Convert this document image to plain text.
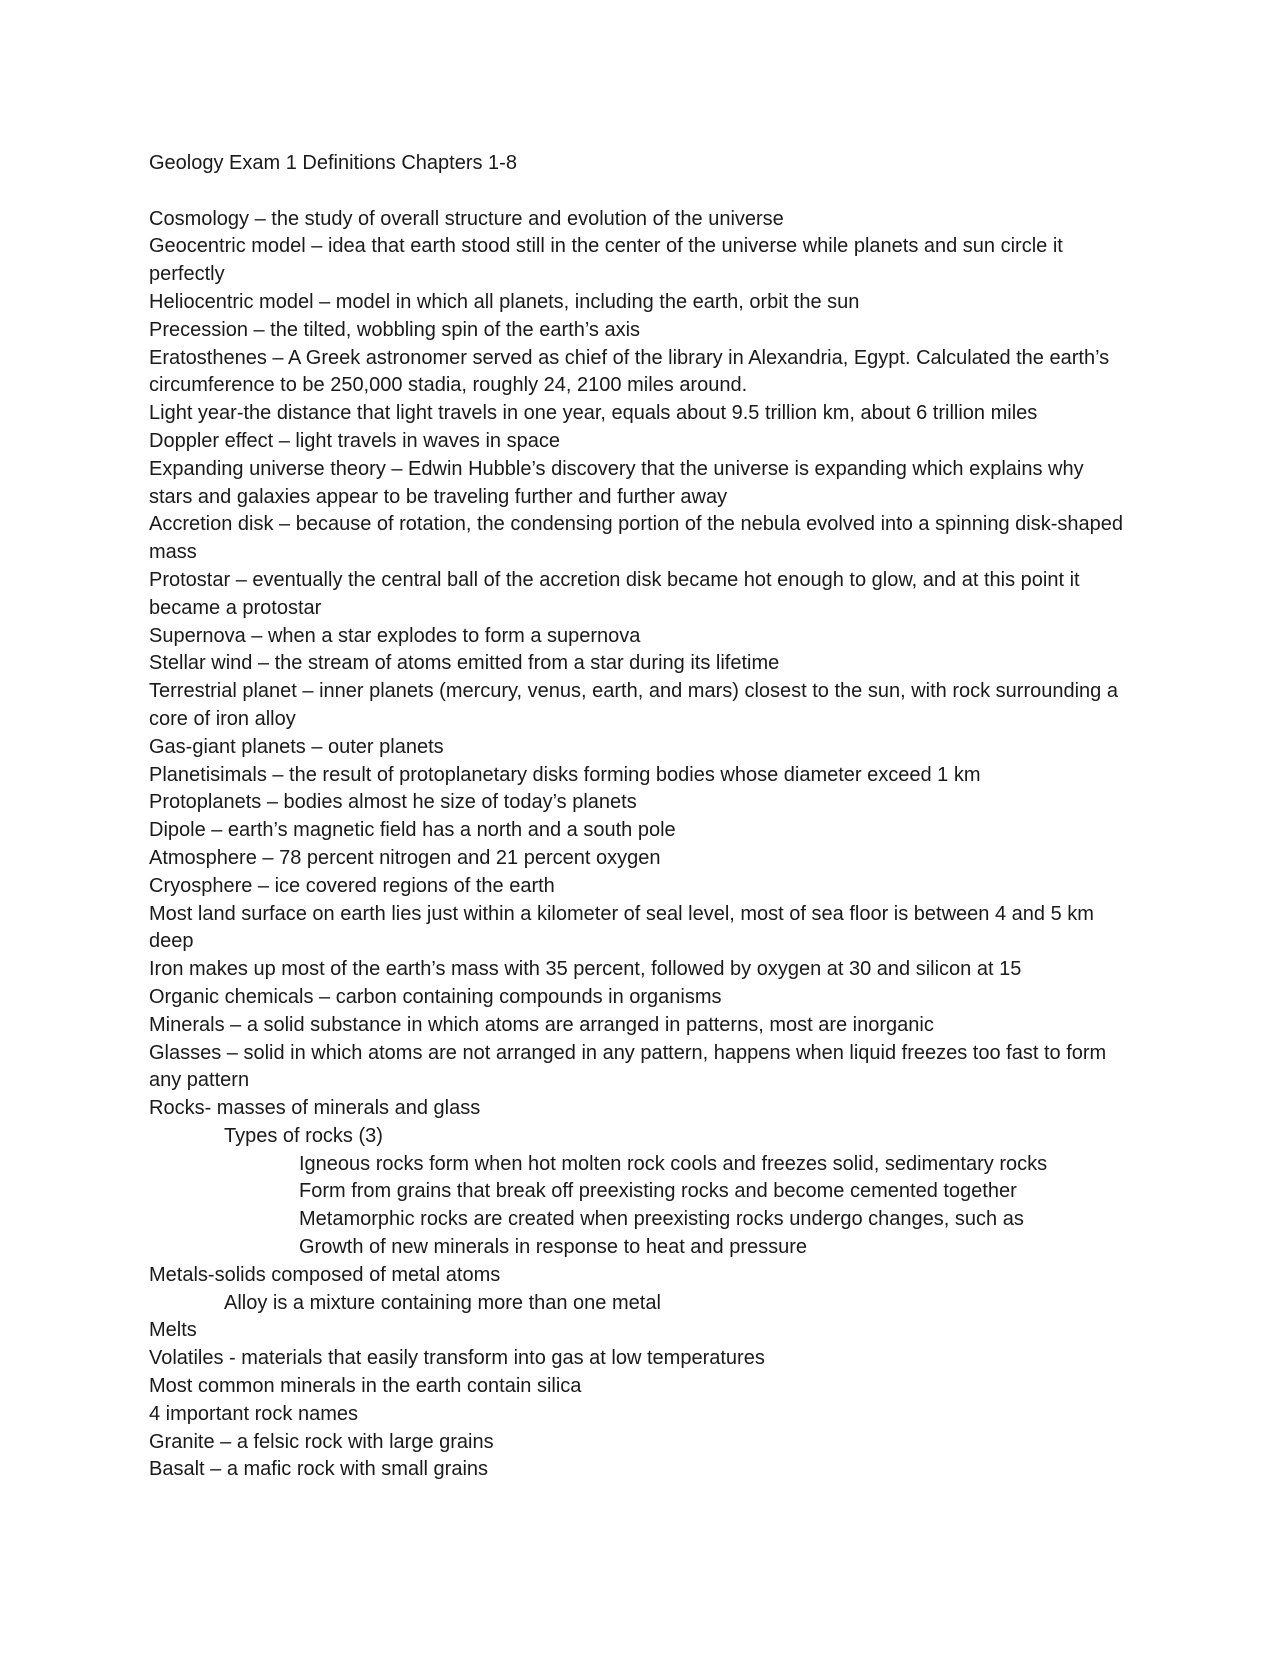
Geology Exam 1 Definitions Chapters 1-8

Cosmology – the study of overall structure and evolution of the universe

Geocentric model – idea that earth stood still in the center of the universe while planets and sun circle it perfectly

Heliocentric model – model in which all planets, including the earth, orbit the sun

Precession – the tilted, wobbling spin of the earth’s axis

Eratosthenes – A Greek astronomer served as chief of the library in Alexandria, Egypt. Calculated the earth’s circumference to be 250,000 stadia, roughly 24, 2100 miles around.

Light year-the distance that light travels in one year, equals about 9.5 trillion km, about 6 trillion miles

Doppler effect – light travels in waves in space

Expanding universe theory – Edwin Hubble’s discovery that the universe is expanding which explains why stars and galaxies appear to be traveling further and further away

Accretion disk – because of rotation, the condensing portion of the nebula evolved into a spinning disk-shaped mass

Protostar – eventually the central ball of the accretion disk became hot enough to glow, and at this point it became a protostar

Supernova – when a star explodes to form a supernova

Stellar wind – the stream of atoms emitted from a star during its lifetime

Terrestrial planet – inner planets (mercury, venus, earth, and mars) closest to the sun, with rock surrounding a core of iron alloy

Gas-giant planets – outer planets

Planetisimals – the result of protoplanetary disks forming bodies whose diameter exceed 1 km

Protoplanets – bodies almost he size of today’s planets

Dipole – earth’s magnetic field has a north and a south pole

Atmosphere – 78 percent nitrogen and 21 percent oxygen

Cryosphere – ice covered regions of the earth

Most land surface on earth lies just within a kilometer of seal level, most of sea floor is between 4 and 5 km deep

Iron makes up most of the earth’s mass with 35 percent, followed by oxygen at 30 and silicon at 15

Organic chemicals – carbon containing compounds in organisms

Minerals – a solid substance in which atoms are arranged in patterns, most are inorganic

Glasses – solid in which atoms are not arranged in any pattern, happens when liquid freezes too fast to form any pattern

Rocks- masses of minerals and glass

Types of rocks (3)

Igneous rocks form when hot molten rock cools and freezes solid, sedimentary rocks

Form from grains that break off preexisting rocks and become cemented together

Metamorphic rocks are created when preexisting rocks undergo changes, such as

Growth of new minerals in response to heat and pressure

Metals-solids composed of metal atoms

Alloy is a mixture containing more than one metal

Melts

Volatiles - materials that easily transform into gas at low temperatures

Most common minerals in the earth contain silica

4 important rock names

Granite – a felsic rock with large grains

Basalt – a mafic rock with small grains
